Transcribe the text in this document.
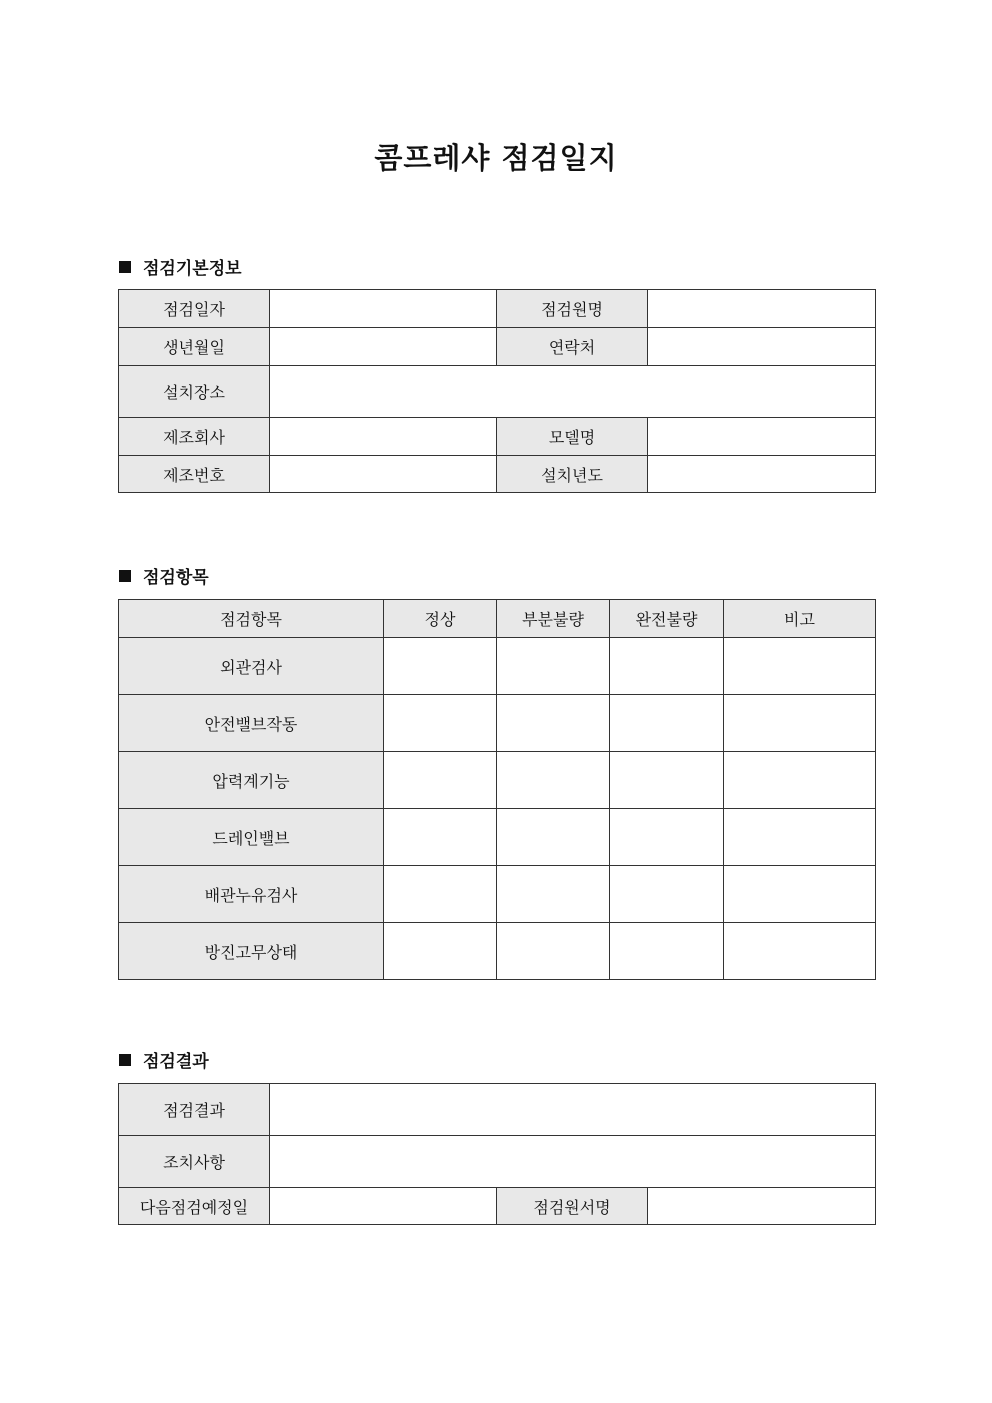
콤프레샤 점검일지
점검기본정보
점검일자		점검원명	
생년월일		연락처	
설치장소			
제조회사		모델명	
제조번호		설치년도	
점검항목
점검항목	정상	부분불량	완전불량	비고
외관검사				
안전밸브작동				
압력계기능				
드레인밸브				
배관누유검사				
방진고무상태				
점검결과
점검결과			
조치사항			
다음점검예정일		점검원서명	
